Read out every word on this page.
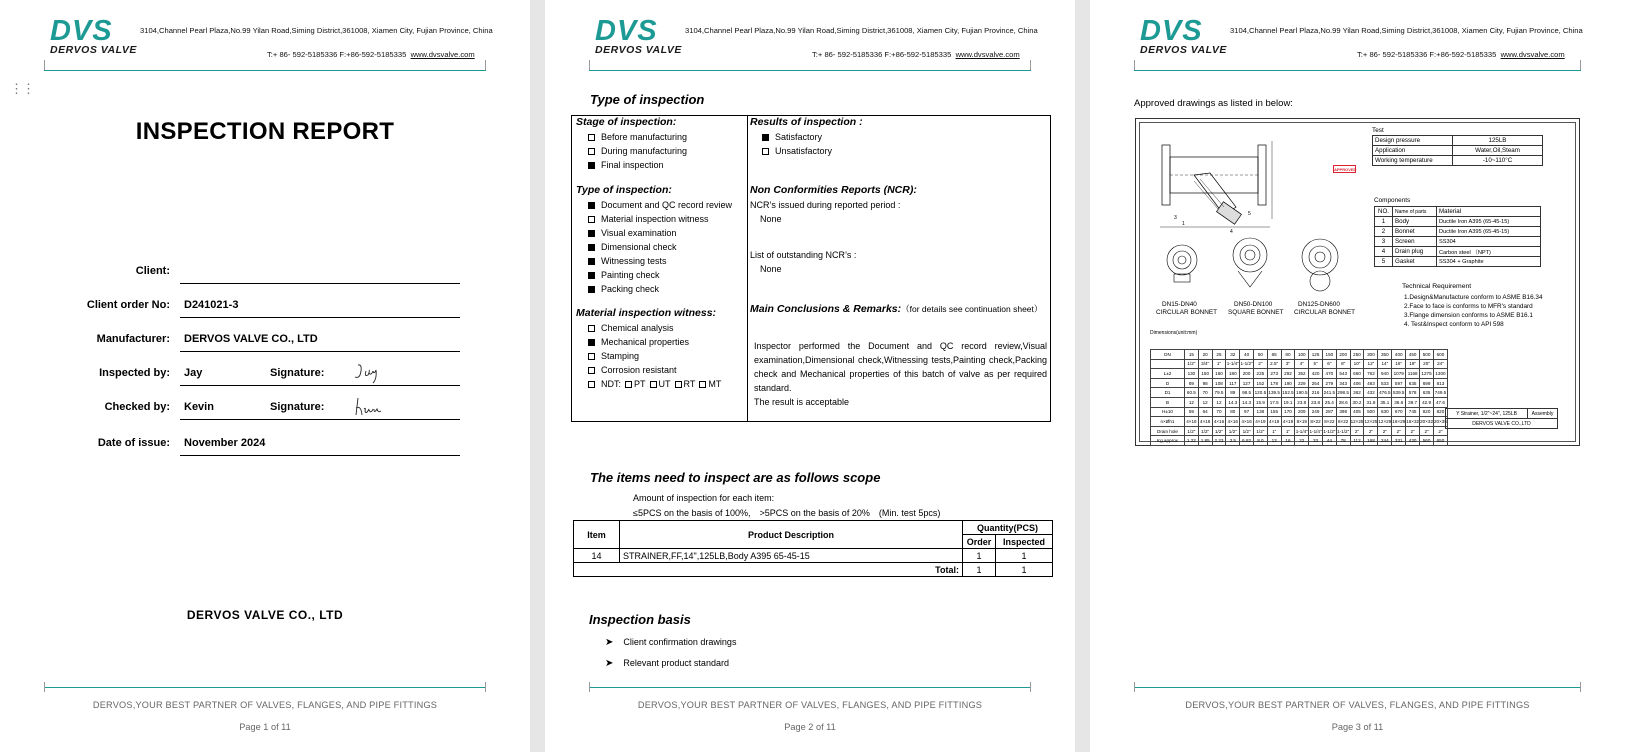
DVS
DERVOS VALVE
3104,Channel Pearl Plaza,No.99 Yilan Road,Siming District,361008, Xiamen City, Fujian Province, China
T:+ 86- 592-5185336 F:+86-592-5185335 www.dvsvalve.com
⋮⋮
INSPECTION REPORT
Client:
Client order No: D241021-3
Manufacturer: DERVOS VALVE CO., LTD
Inspected by: Jay	Signature:
Checked by: Kevin	Signature:
Date of issue: November 2024
DERVOS VALVE CO., LTD
DERVOS,YOUR BEST PARTNER OF VALVES, FLANGES, AND PIPE FITTINGS
Page 1 of 11
DVS
DERVOS VALVE
3104,Channel Pearl Plaza,No.99 Yilan Road,Siming District,361008, Xiamen City, Fujian Province, China
T:+ 86- 592-5185336 F:+86-592-5185335 www.dvsvalve.com
Type of inspection
Stage of inspection:
Before manufacturing
During manufacturing
Final inspection
Type of inspection:
Document and QC record review
Material inspection witness
Visual examination
Dimensional check
Witnessing tests
Painting check
Packing check
Material inspection witness:
Chemical analysis
Mechanical properties
Stamping
Corrosion resistant
NDT: PT UT RT MT
Results of inspection :
Satisfactory
Unsatisfactory
Non Conformities Reports (NCR):
NCR’s issued during reported period :
None
List of outstanding NCR’s :
None
Main Conclusions & Remarks:（for details see continuation sheet）
Inspector performed the Document and QC record review,Visual examination,Dimensional check,Witnessing tests,Painting check,Packing check and Mechanical properties of this batch of valve as per required standard.
The result is acceptable
The items need to inspect are as follows scope
Amount of inspection for each item:
≤5PCS on the basis of 100%,　>5PCS on the basis of 20%　(Min. test 5pcs)
Item	Product Description	Quantity(PCS)	
		Order	Inspected
14	STRAINER,FF,14",125LB,Body A395 65-45-15	1	1
Total:		1	1
Inspection basis
➤ Client confirmation drawings
➤ Relevant product standard
DERVOS,YOUR BEST PARTNER OF VALVES, FLANGES, AND PIPE FITTINGS
Page 2 of 11
DVS
DERVOS VALVE
3104,Channel Pearl Plaza,No.99 Yilan Road,Siming District,361008, Xiamen City, Fujian Province, China
T:+ 86- 592-5185336 F:+86-592-5185335 www.dvsvalve.com
Approved drawings as listed in below:
3
1
5
4
APPROVED
DN15-DN40
CIRCULAR BONNET
DN50-DN100
SQUARE BONNET
DN125-DN600
CIRCULAR BONNET
Test
Design pressure	125LB
Application	Water,Oil,Steam
Working temperature	-10~110°C
Components
NO.	Name of parts	Material
1	Body	Ductile Iron A395 (65-45-15)
2	Bonnet	Ductile Iron A395 (65-45-15)
3	Screen	SS304
4	Drain plug	Carbon steel （NPT)
5	Gasket	SS304 + Graphite
Technical Requirement
1.Design&Manufacture conform to ASME B16.34
2.Face to face is conforms to MFR's standard
3.Flange dimension conforms to ASME B16.1
4. Test&Inspect conform to API 598
Dimensions(unit:mm)
DN	15	20	25	32	40	50	65	80	100	125	150	200	250	300	350	400	450	500	600
	1/2"	3/4"	1"	1-1/4"	1-1/2"	2"	2.5"	3"	4"	5"	6"	8"	10"	12"	14"	16"	18"	20"	24"
L±2	130	150	160	180	200	225	273	292	352	420	470	543	660	762	940	1079	1168	1275	1300
D	89	98	108	117	127	152	178	190	229	254	279	343	406	483	533	597	635	699	813
D1	60.5	70	79.5	89	98.5	120.5	139.5	152.5	190.5	216	241.5	298.5	362	432	476.5	539.5	578	635	749.5
B	12	12	12	14.3	14.3	15.9	17.5	19.1	23.8	23.8	25.4	28.6	30.2	31.8	35.1	36.6	39.7	42.9	47.6
H±10	59	64	70	80	97	138	155	170	209	249	287	398	405	500	630	670	745	820	820
n×Øh1	4×16	4×16	4×16	4×16	4×16	4×19	4×19	4×19	8×19	8×22	8×22	8×22	12×25	12×25	12×29	16×29	16×32	20×32	20×35
Drain hole	1/2"	1/2"	1/2"	1/2"	1/2"	1/2"	1"	1"	1-1/4"	1-1/4"	1-1/2"	1-1/2"	2"	2"	2"	2"	2"	2"	2"
Kg,approx	1.22	1.85	2.23	3.5	6.82	8.0	13	16	22	33	44	78	112	168	244	331	430	560	650
Y Strainer, 1/2"~24", 125LB	Assembly
DERVOS VALVE CO.,LTD
DERVOS,YOUR BEST PARTNER OF VALVES, FLANGES, AND PIPE FITTINGS
Page 3 of 11
